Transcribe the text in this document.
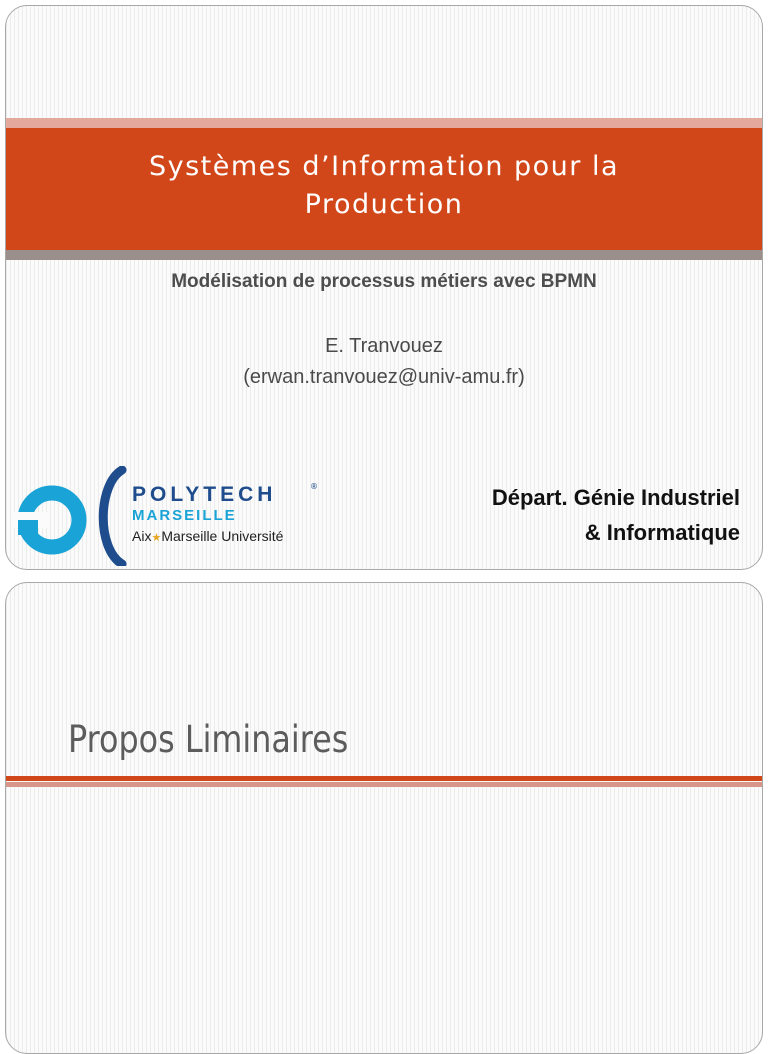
Systèmes d’Information pour la
Production
Modélisation de processus métiers avec BPMN
E. Tranvouez
(erwan.tranvouez@univ-amu.fr)
POLYTECH	®
MARSEILLE
Aix★Marseille Université
Départ. Génie Industriel
& Informatique
Propos Liminaires
